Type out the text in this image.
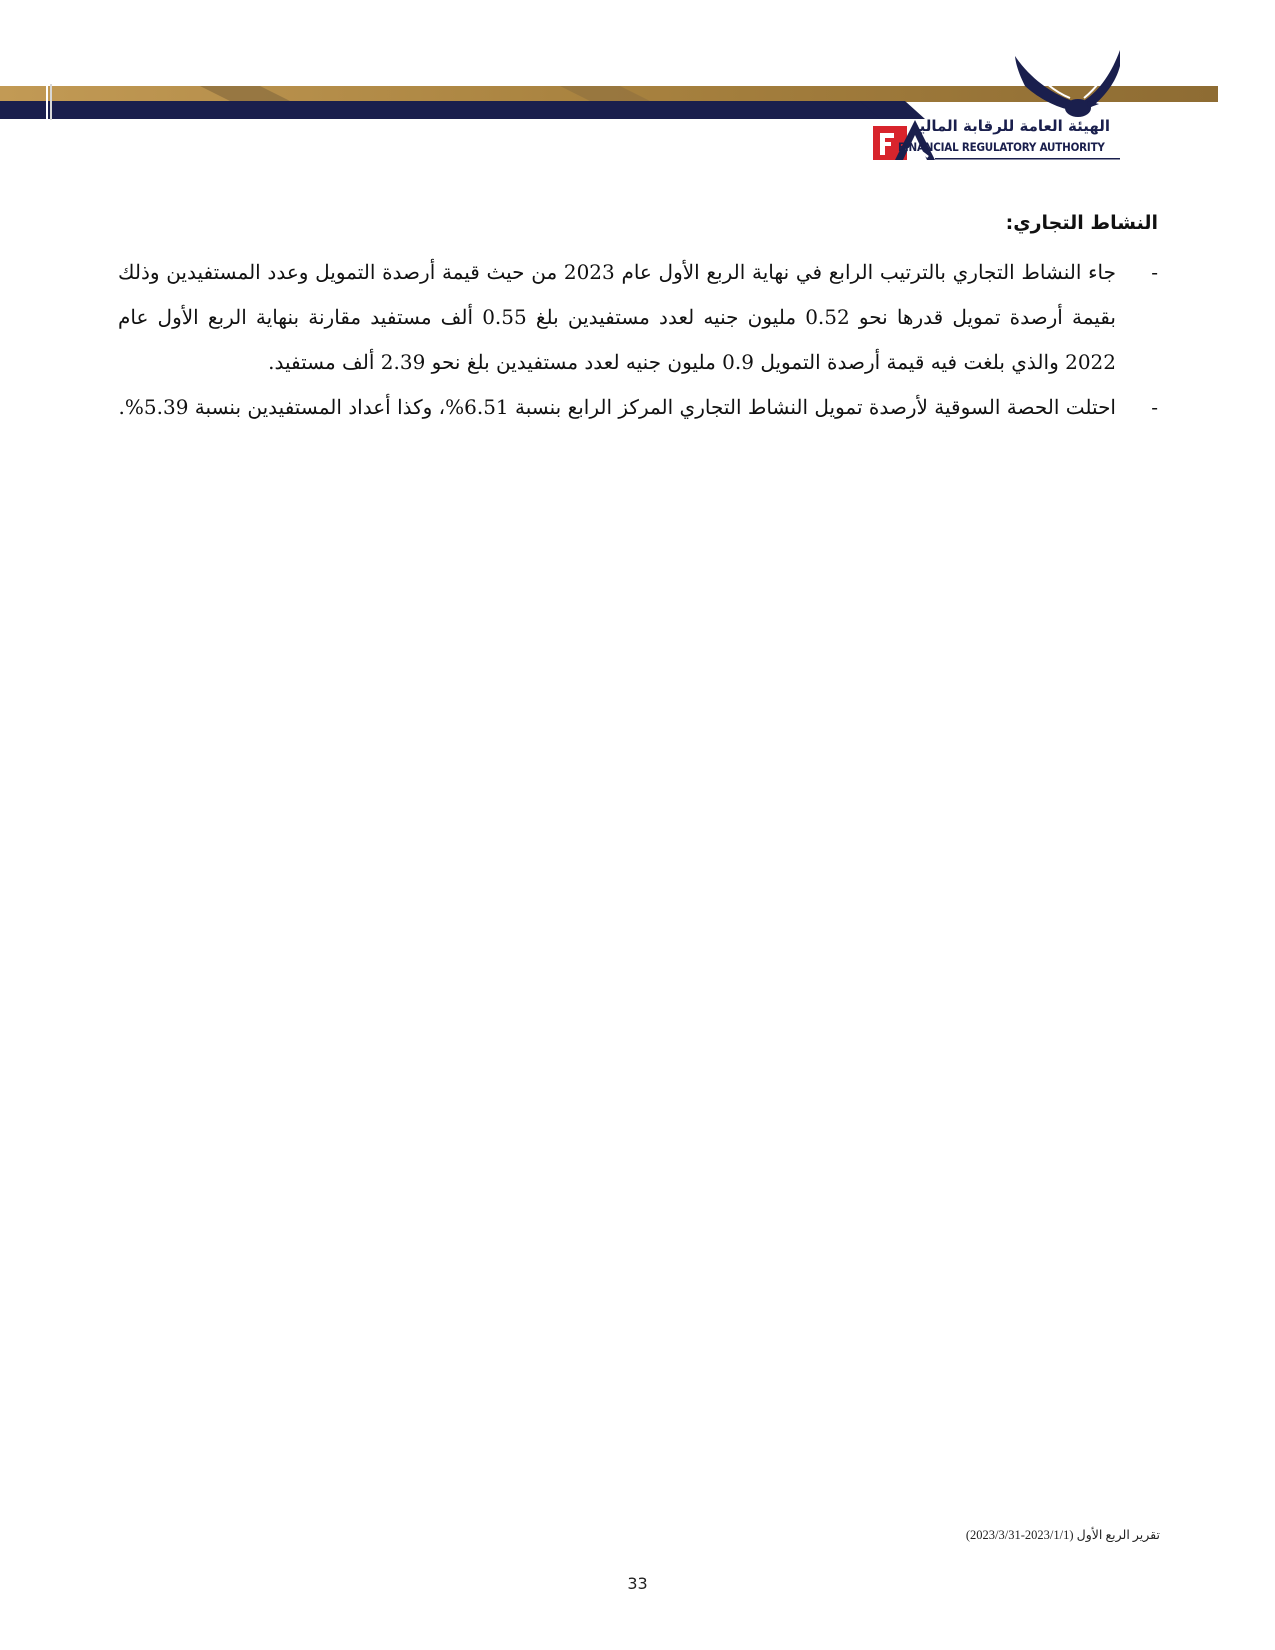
الهيئة العامة للرقابة المالية
FINANCIAL REGULATORY AUTHORITY
النشاط التجاري:
-
جاء النشاط التجاري بالترتيب الرابع في نهاية الربع الأول عام 2023 من حيث قيمة أرصدة التمويل وعدد المستفيدين وذلك بقيمة أرصدة تمويل قدرها نحو 0.52 مليون جنيه لعدد مستفيدين بلغ 0.55 ألف مستفيد مقارنة بنهاية الربع الأول عام 2022 والذي بلغت فيه قيمة أرصدة التمويل 0.9 مليون جنيه لعدد مستفيدين بلغ نحو 2.39 ألف مستفيد.
-
احتلت الحصة السوقية لأرصدة تمويل النشاط التجاري المركز الرابع بنسبة 6.51%، وكذا أعداد المستفيدين بنسبة 5.39%.
تقرير الربع الأول (2023/1/1-2023/3/31)
33
